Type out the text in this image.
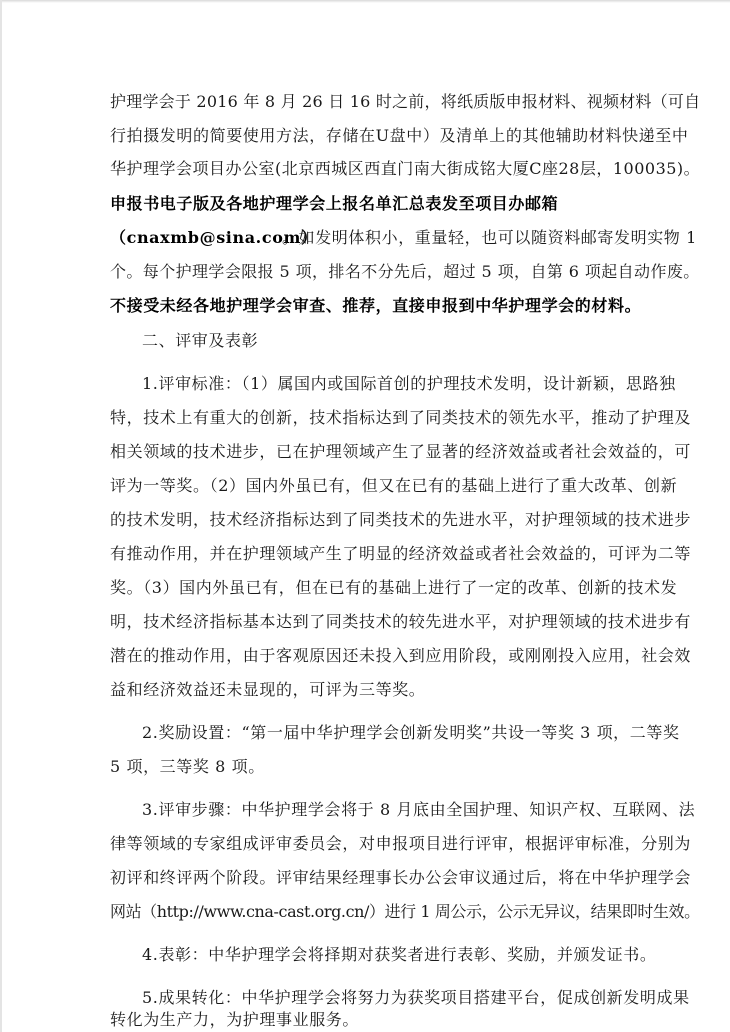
护理学会于 2016 年 8 月 26 日 16 时之前，将纸质版申报材料、视频材料（可自
行拍摄发明的简要使用方法，存储在U盘中）及清单上的其他辅助材料快递至中
华护理学会项目办公室(北京西城区西直门南大街成铭大厦C座28层，100035)。
申报书电子版及各地护理学会上报名单汇总表发至项目办邮箱
（cnaxmb@sina.com）
。如发明体积小，重量轻，也可以随资料邮寄发明实物 1
个。每个护理学会限报 5 项，排名不分先后，超过 5 项，自第 6 项起自动作废。
不接受未经各地护理学会审查、推荐，直接申报到中华护理学会的材料。
二、评审及表彰
1.评审标准：（1）属国内或国际首创的护理技术发明，设计新颖，思路独
特，技术上有重大的创新，技术指标达到了同类技术的领先水平，推动了护理及
相关领域的技术进步，已在护理领域产生了显著的经济效益或者社会效益的，可
评为一等奖。（2）国内外虽已有，但又在已有的基础上进行了重大改革、创新
的技术发明，技术经济指标达到了同类技术的先进水平，对护理领域的技术进步
有推动作用，并在护理领域产生了明显的经济效益或者社会效益的，可评为二等
奖。（3）国内外虽已有，但在已有的基础上进行了一定的改革、创新的技术发
明，技术经济指标基本达到了同类技术的较先进水平，对护理领域的技术进步有
潜在的推动作用，由于客观原因还未投入到应用阶段，或刚刚投入应用，社会效
益和经济效益还未显现的，可评为三等奖。
2.奖励设置：“第一届中华护理学会创新发明奖”共设一等奖 3 项，二等奖
5 项，三等奖 8 项。
3.评审步骤：中华护理学会将于 8 月底由全国护理、知识产权、互联网、法
律等领域的专家组成评审委员会，对申报项目进行评审，根据评审标准，分别为
初评和终评两个阶段。评审结果经理事长办公会审议通过后，将在中华护理学会
网站（http://www.cna-cast.org.cn/）进行 1 周公示，公示无异议，结果即时生效。
4.表彰：中华护理学会将择期对获奖者进行表彰、奖励，并颁发证书。
5.成果转化：中华护理学会将努力为获奖项目搭建平台，促成创新发明成果
转化为生产力，为护理事业服务。
